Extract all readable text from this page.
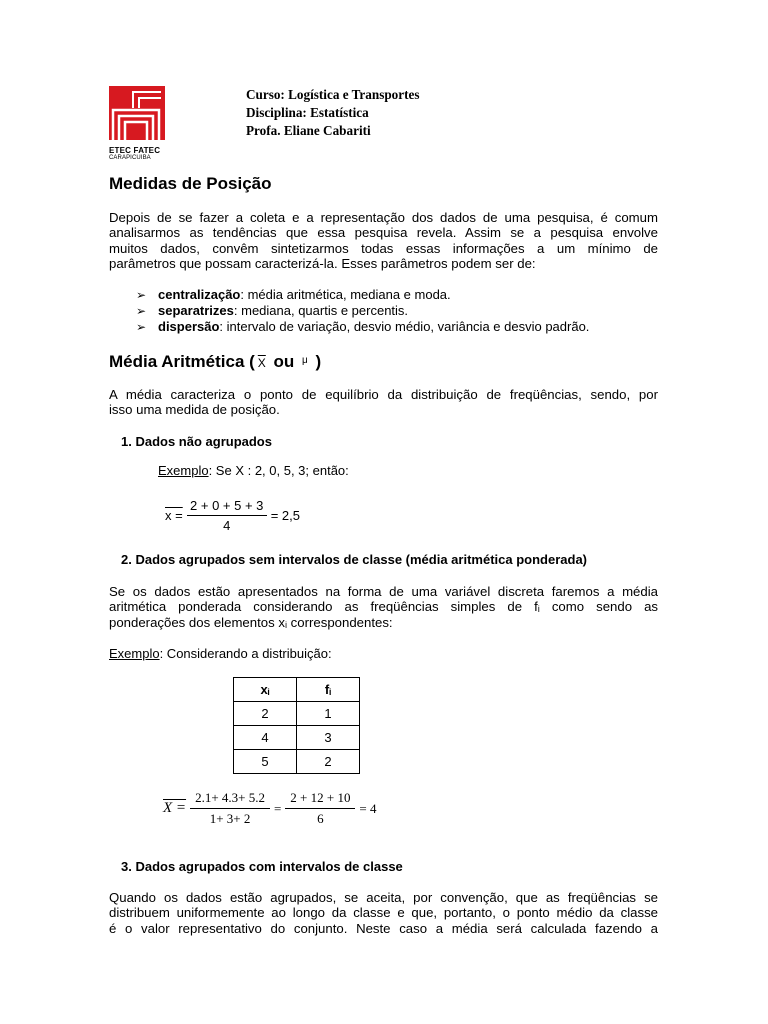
ETEC FATEC
CARAPICUIBA
Curso: Logística e Transportes
Disciplina: Estatística
Profa. Eliane Cabariti
Medidas de Posição
Depois de se fazer a coleta e a representação dos dados de uma pesquisa, é comum
analisarmos as tendências que essa pesquisa revela. Assim se a pesquisa envolve
muitos dados, convêm sintetizarmos todas essas informações a um mínimo de
parâmetros que possam caracterizá-la. Esses parâmetros podem ser de:
➢ centralização: média aritmética, mediana e moda.
➢ separatrizes: mediana, quartis e percentis.
➢ dispersão: intervalo de variação, desvio médio, variância e desvio padrão.
Média Aritmética ( $\overline{X}$ ou $^\mu$ )
A média caracteriza o ponto de equilíbrio da distribuição de freqüências, sendo, por
isso uma medida de posição.
1. Dados não agrupados
Exemplo: Se X : 2, 0, 5, 3; então:
$x = \frac{2 + 0 + 5 + 3}{4} = 2,5$
2. Dados agrupados sem intervalos de classe (média aritmética ponderada)
Se os dados estão apresentados na forma de uma variável discreta faremos a média
aritmética ponderada considerando as freqüências simples de fᵢ como sendo as
ponderações dos elementos xᵢ correspondentes:
Exemplo: Considerando a distribuição:
xᵢ	fᵢ
2	1
4	3
5	2
$X = \frac{2.1+ 4.3+ 5.2}{1+ 3+ 2} = \frac{2 + 12 + 10}{6} = 4$
3. Dados agrupados com intervalos de classe
Quando os dados estão agrupados, se aceita, por convenção, que as freqüências se
distribuem uniformemente ao longo da classe e que, portanto, o ponto médio da classe
é o valor representativo do conjunto. Neste caso a média será calculada fazendo a
